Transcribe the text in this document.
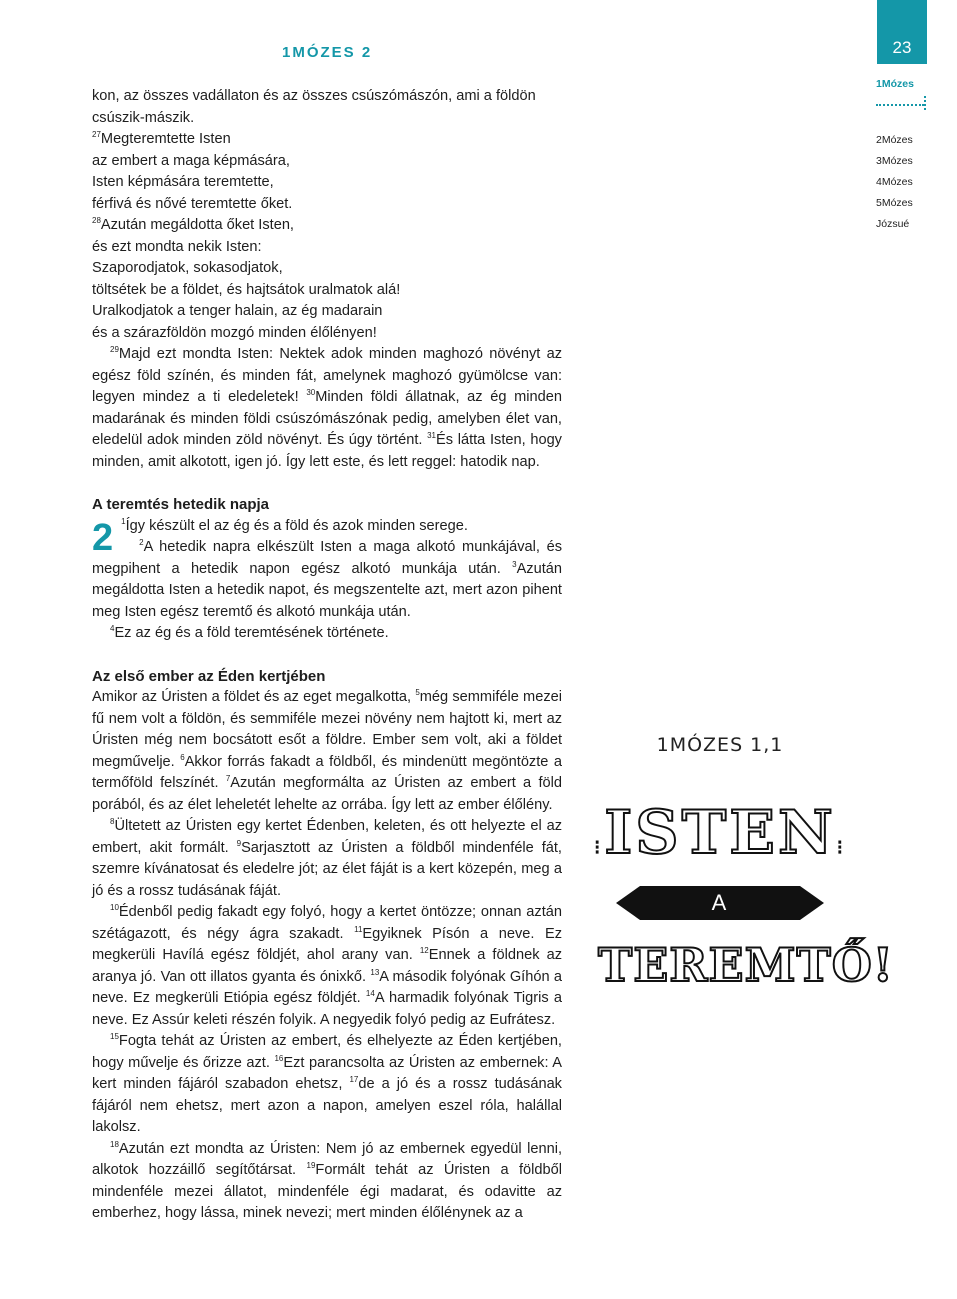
1MÓZES 2	23
1Mózes
2Mózes
3Mózes
4Mózes
5Mózes
Józsué

kon, az összes vadállaton és az összes csúszómászón, ami a földön

csúszik-mászik.

$^{27}$Megteremtette Isten

az embert a maga képmására,

Isten képmására teremtette,

férfivá és nővé teremtette őket.

$^{28}$Azután megáldotta őket Isten,

és ezt mondta nekik Isten:

Szaporodjatok, sokasodjatok,

töltsétek be a földet, és hajtsátok uralmatok alá!

Uralkodjatok a tenger halain, az ég madarain

és a szárazföldön mozgó minden élőlényen!

$^{29}$Majd ezt mondta Isten: Nektek adok minden maghozó növényt az egész föld színén, és minden fát, amelynek maghozó gyümölcse van: legyen mindez a ti eledeletek! $^{30}$Minden földi állatnak, az ég minden madarának és minden földi csúszómászónak pedig, amelyben élet van, eledelül adok minden zöld növényt. És úgy történt. $^{31}$És látta Isten, hogy minden, amit alkotott, igen jó. Így lett este, és lett reggel: hatodik nap.

A teremtés hetedik napja

2	$^1$Így készült el az ég és a föld és azok minden serege.

$^2$A hetedik napra elkészült Isten a maga alkotó munkájával, és megpihent a hetedik napon egész alkotó munkája után. $^3$Azután megáldotta Isten a hetedik napot, és megszentelte azt, mert azon pihent meg Isten egész teremtő és alkotó munkája után.

$^4$Ez az ég és a föld teremtésének története.

Az első ember az Éden kertjében

Amikor az Úristen a földet és az eget megalkotta, $^5$még semmiféle mezei fű nem volt a földön, és semmiféle mezei növény nem hajtott ki, mert az Úristen még nem bocsátott esőt a földre. Ember sem volt, aki a földet megművelje. $^6$Akkor forrás fakadt a földből, és mindenütt megöntözte a termőföld felszínét. $^7$Azután megformálta az Úristen az embert a föld porából, és az élet leheletét lehelte az orrába. Így lett az ember élőlény.

$^8$Ültetett az Úristen egy kertet Édenben, keleten, és ott helyezte el az embert, akit formált. $^9$Sarjasztott az Úristen a földből mindenféle fát, szemre kívánatosat és eledelre jót; az élet fáját is a kert közepén, meg a jó és a rossz tudásának fáját.

$^{10}$Édenből pedig fakadt egy folyó, hogy a kertet öntözze; onnan aztán szétágazott, és négy ágra szakadt. $^{11}$Egyiknek Písón a neve. Ez megkerüli Havílá egész földjét, ahol arany van. $^{12}$Ennek a földnek az aranya jó. Van ott illatos gyanta és ónixkő. $^{13}$A második folyónak Gíhón a neve. Ez megkerüli Etiópia egész földjét. $^{14}$A harmadik folyónak Tigris a neve. Ez Assúr keleti részén folyik. A negyedik folyó pedig az Eufrátesz.

$^{15}$Fogta tehát az Úristen az embert, és elhelyezte az Éden kertjében, hogy művelje és őrizze azt. $^{16}$Ezt parancsolta az Úristen az embernek: A kert minden fájáról szabadon ehetsz, $^{17}$de a jó és a rossz tudásának fájáról nem ehetsz, mert azon a napon, amelyen eszel róla, halállal lakolsz.

$^{18}$Azután ezt mondta az Úristen: Nem jó az embernek egyedül lenni, alkotok hozzáillő segítőtársat. $^{19}$Formált tehát az Úristen a földből mindenféle mezei állatot, mindenféle égi madarat, és odavitte az emberhez, hogy lássa, minek nevezi; mert minden élőlénynek az a

1MÓZES 1,1
⁝ ISTEN ⁝
A
TEREMTŐ!
